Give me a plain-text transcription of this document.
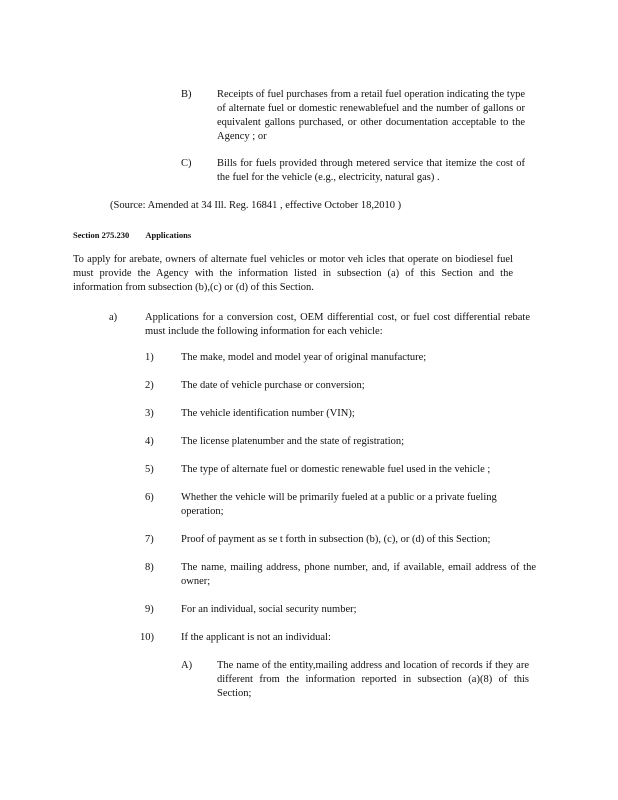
B) Receipts of fuel purchases from a retail fuel operation indicating the type of alternate fuel or domestic renewablefuel and the number of gallons or equivalent gallons purchased, or other documentation acceptable to the Agency ; or
C) Bills for fuels provided through metered service that itemize the cost of the fuel for the vehicle (e.g., electricity, natural gas) .
(Source: Amended at 34 Ill. Reg. 16841 , effective October 18,2010 )
Section 275.230 Applications
To apply for arebate, owners of alternate fuel vehicles or motor veh icles that operate on biodiesel fuel must provide the Agency with the information listed in subsection (a) of this Section and the information from subsection (b),(c) or (d) of this Section.
a)	Applications for a conversion cost, OEM differential cost, or fuel cost differential rebate must include the following information for each vehicle:
1)	The make, model and model year of original manufacture;
2)	The date of vehicle purchase or conversion;
3)	The vehicle identification number (VIN);
4)	The license platenumber and the state of registration;
5)	The type of alternate fuel or domestic renewable fuel used in the vehicle ;
6)	Whether the vehicle will be primarily fueled at a public or a private fueling operation;
7)	Proof of payment as se t forth in subsection (b), (c), or (d) of this Section;
8)	The name, mailing address, phone number, and, if available, email address of the owner;
9)	For an individual, social security number;
10)	If the applicant is not an individual:
A) The name of the entity,mailing address and location of records if they are different from the information reported in subsection (a)(8) of this Section;
